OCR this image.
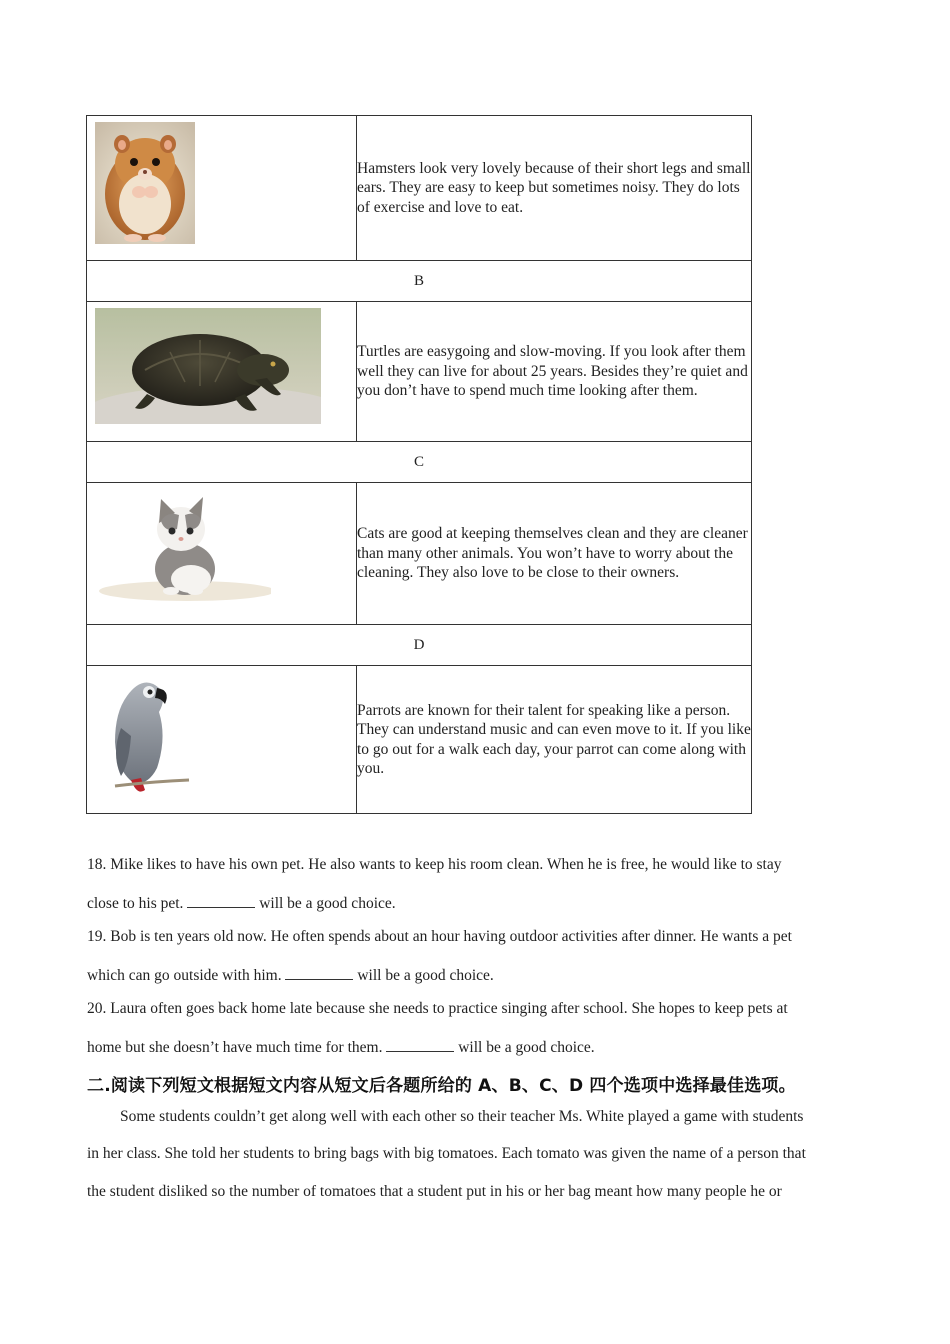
	Hamsters look very lovely because of their short legs and small ears. They are easy to keep but sometimes noisy. They do lots of exercise and love to eat.
B	

	Turtles are easygoing and slow-moving. If you look after them well they can live for about 25 years. Besides they’re quiet and you don’t have to spend much time looking after them.
C	

	Cats are good at keeping themselves clean and they are cleaner than many other animals. You won’t have to worry about the cleaning. They also love to be close to their owners.
D	

	Parrots are known for their talent for speaking like a person. They can understand music and can even move to it. If you like to go out for a walk each day, your parrot can come along with you.
18. Mike likes to have his own pet. He also wants to keep his room clean. When he is free, he would like to stay
close to his pet.	will be a good choice.
19. Bob is ten years old now. He often spends about an hour having outdoor activities after dinner. He wants a pet
which can go outside with him.	will be a good choice.
20. Laura often goes back home late because she needs to practice singing after school. She hopes to keep pets at
home but she doesn’t have much time for them.	will be a good choice.
二.阅读下列短文根据短文内容从短文后各题所给的 A、B、C、D 四个选项中选择最佳选项。
Some students couldn’t get along well with each other so their teacher Ms. White played a game with students
in her class. She told her students to bring bags with big tomatoes. Each tomato was given the name of a person that
the student disliked so the number of tomatoes that a student put in his or her bag meant how many people he or
